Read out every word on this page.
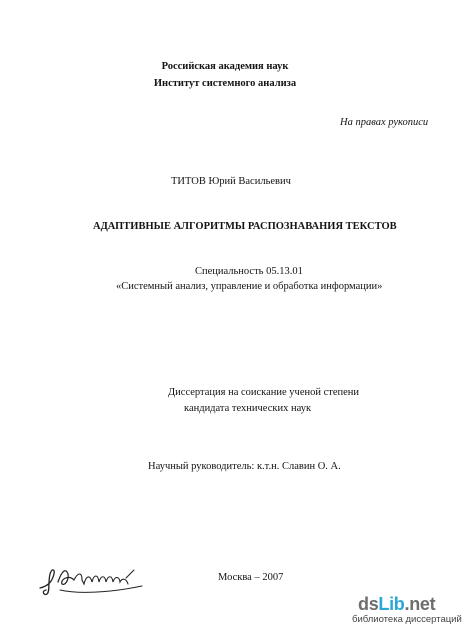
Российская академия наук
Институт системного анализа
На правах рукописи
ТИТОВ Юрий Васильевич
АДАПТИВНЫЕ АЛГОРИТМЫ РАСПОЗНАВАНИЯ ТЕКСТОВ
Специальность 05.13.01
«Системный анализ, управление и обработка информации»
Диссертация на соискание ученой степени
кандидата технических наук
Научный руководитель: к.т.н. Славин О. А.
Москва – 2007
dsLib.net
библиотека диссертаций
